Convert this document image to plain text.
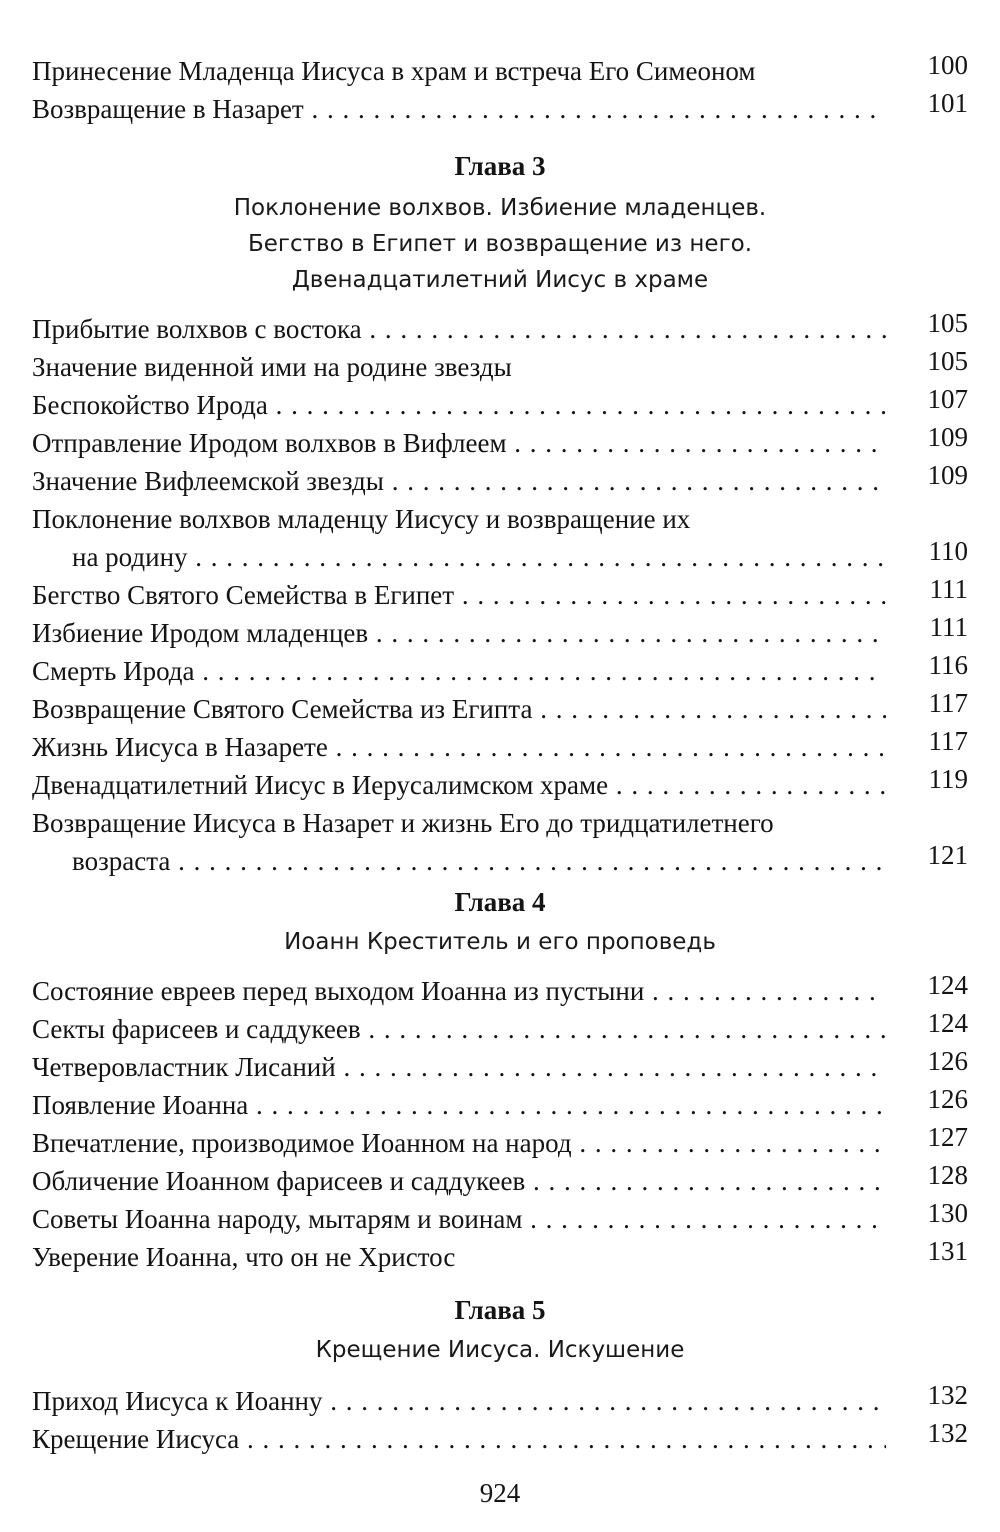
Принесение Младенца Иисуса в храм и встреча Его Симеоном	100
Возвращение в Назарет . . .	101
Глава 3
Поклонение волхвов. Избиение младенцев.
Бегство в Египет и возвращение из него.
Двенадцатилетний Иисус в храме
Прибытие волхвов с востока . . .	105
Значение виденной ими на родине звезды	105
Беспокойство Ирода . . .	107
Отправление Иродом волхвов в Вифлеем . . .	109
Значение Вифлеемской звезды . . .	109
Поклонение волхвов младенцу Иисусу и возвращение их
на родину . . .	110
Бегство Святого Семейства в Египет . . .	111
Избиение Иродом младенцев . . .	111
Смерть Ирода . . .	116
Возвращение Святого Семейства из Египта . . .	117
Жизнь Иисуса в Назарете . . .	117
Двенадцатилетний Иисус в Иерусалимском храме . . .	119
Возвращение Иисуса в Назарет и жизнь Его до тридцатилетнего
возраста . . .	121
Глава 4
Иоанн Креститель и его проповедь
Состояние евреев перед выходом Иоанна из пустыни . . .	124
Секты фарисеев и саддукеев . . .	124
Четверовластник Лисаний . . .	126
Появление Иоанна . . .	126
Впечатление, производимое Иоанном на народ . . .	127
Обличение Иоанном фарисеев и саддукеев . . .	128
Советы Иоанна народу, мытарям и воинам . . .	130
Уверение Иоанна, что он не Христос	131
Глава 5
Крещение Иисуса. Искушение
Приход Иисуса к Иоанну . . .	132
Крещение Иисуса . . .	132
924
